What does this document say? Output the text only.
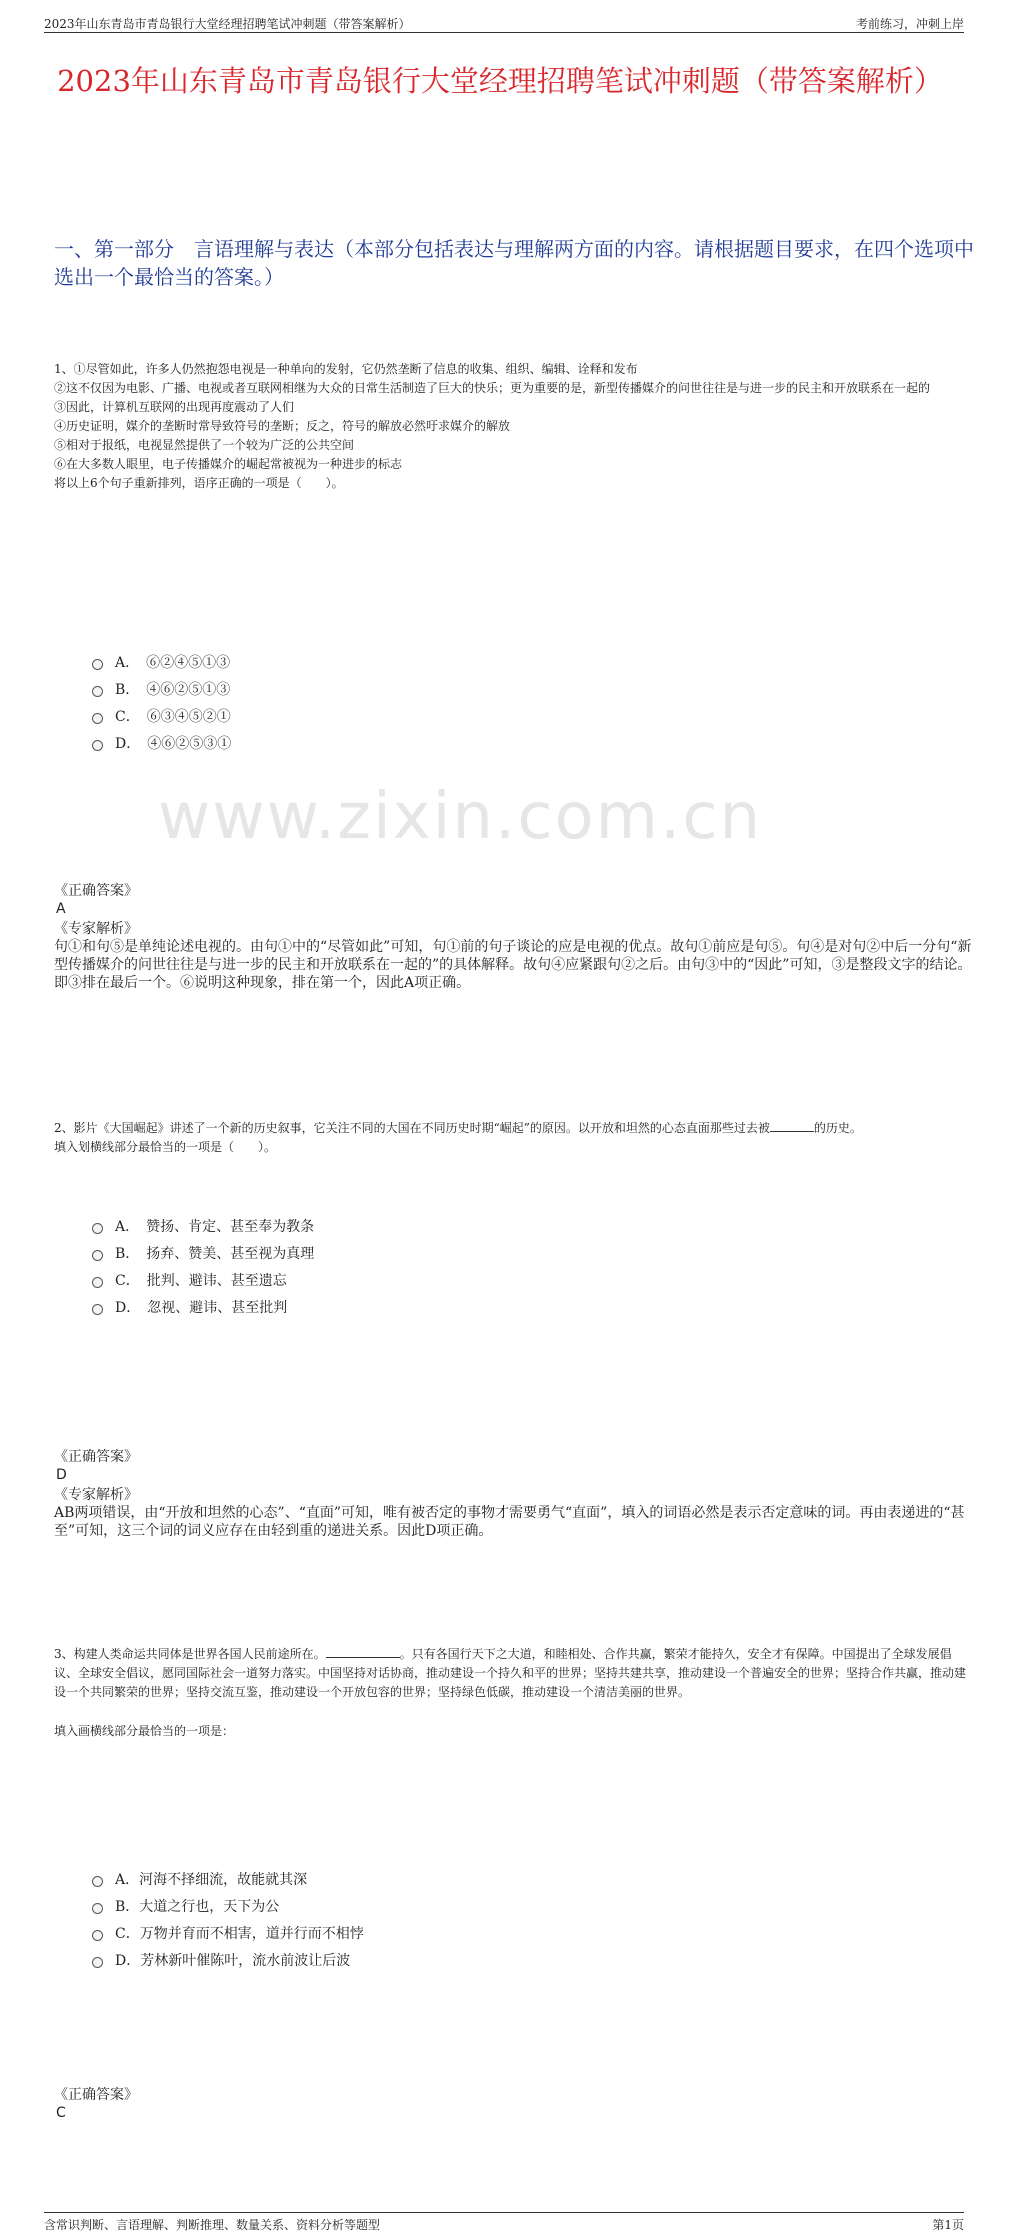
www.zixin.com.cn
2023年山东青岛市青岛银行大堂经理招聘笔试冲刺题（带答案解析）	考前练习，冲刺上岸
2023年山东青岛市青岛银行大堂经理招聘笔试冲刺题（带答案解析）
一、第一部分　言语理解与表达（本部分包括表达与理解两方面的内容。请根据题目要求，在四个选项中选出一个最恰当的答案。）

1、①尽管如此，许多人仍然抱怨电视是一种单向的发射，它仍然垄断了信息的收集、组织、编辑、诠释和发布

②这不仅因为电影、广播、电视或者互联网相继为大众的日常生活制造了巨大的快乐；更为重要的是，新型传播媒介的问世往往是与进一步的民主和开放联系在一起的

③因此，计算机互联网的出现再度震动了人们

④历史证明，媒介的垄断时常导致符号的垄断；反之，符号的解放必然吁求媒介的解放

⑤相对于报纸，电视显然提供了一个较为广泛的公共空间

⑥在大多数人眼里，电子传播媒介的崛起常被视为一种进步的标志

将以上6个句子重新排列，语序正确的一项是（　　）。

A．　⑥②④⑤①③
B．　④⑥②⑤①③
C．　⑥③④⑤②①
D．　④⑥②⑤③①

《正确答案》

A

《专家解析》

句①和句⑤是单纯论述电视的。由句①中的“尽管如此”可知，句①前的句子谈论的应是电视的优点。故句①前应是句⑤。句④是对句②中后一分句“新型传播媒介的问世往往是与进一步的民主和开放联系在一起的”的具体解释。故句④应紧跟句②之后。由句③中的“因此”可知，③是整段文字的结论。即③排在最后一个。⑥说明这种现象，排在第一个，因此A项正确。

2、影片《大国崛起》讲述了一个新的历史叙事，它关注不同的大国在不同历史时期“崛起”的原因。以开放和坦然的心态直面那些过去被	的历史。

填入划横线部分最恰当的一项是（　　）。

A．　赞扬、肯定、甚至奉为教条
B．　扬弃、赞美、甚至视为真理
C．　批判、避讳、甚至遗忘
D．　忽视、避讳、甚至批判

《正确答案》

D

《专家解析》

AB两项错误，由“开放和坦然的心态”、“直面”可知，唯有被否定的事物才需要勇气“直面”，填入的词语必然是表示否定意味的词。再由表递进的“甚至”可知，这三个词的词义应存在由轻到重的递进关系。因此D项正确。

3、构建人类命运共同体是世界各国人民前途所在。	。只有各国行天下之大道，和睦相处、合作共赢，繁荣才能持久，安全才有保障。中国提出了全球发展倡议、全球安全倡议，愿同国际社会一道努力落实。中国坚持对话协商，推动建设一个持久和平的世界；坚持共建共享，推动建设一个普遍安全的世界；坚持合作共赢，推动建设一个共同繁荣的世界；坚持交流互鉴，推动建设一个开放包容的世界；坚持绿色低碳，推动建设一个清洁美丽的世界。

填入画横线部分最恰当的一项是：

A．河海不择细流，故能就其深
B．大道之行也，天下为公
C．万物并育而不相害，道并行而不相悖
D．芳林新叶催陈叶，流水前波让后波

《正确答案》

C

含常识判断、言语理解、判断推理、数量关系、资料分析等题型	第1页
